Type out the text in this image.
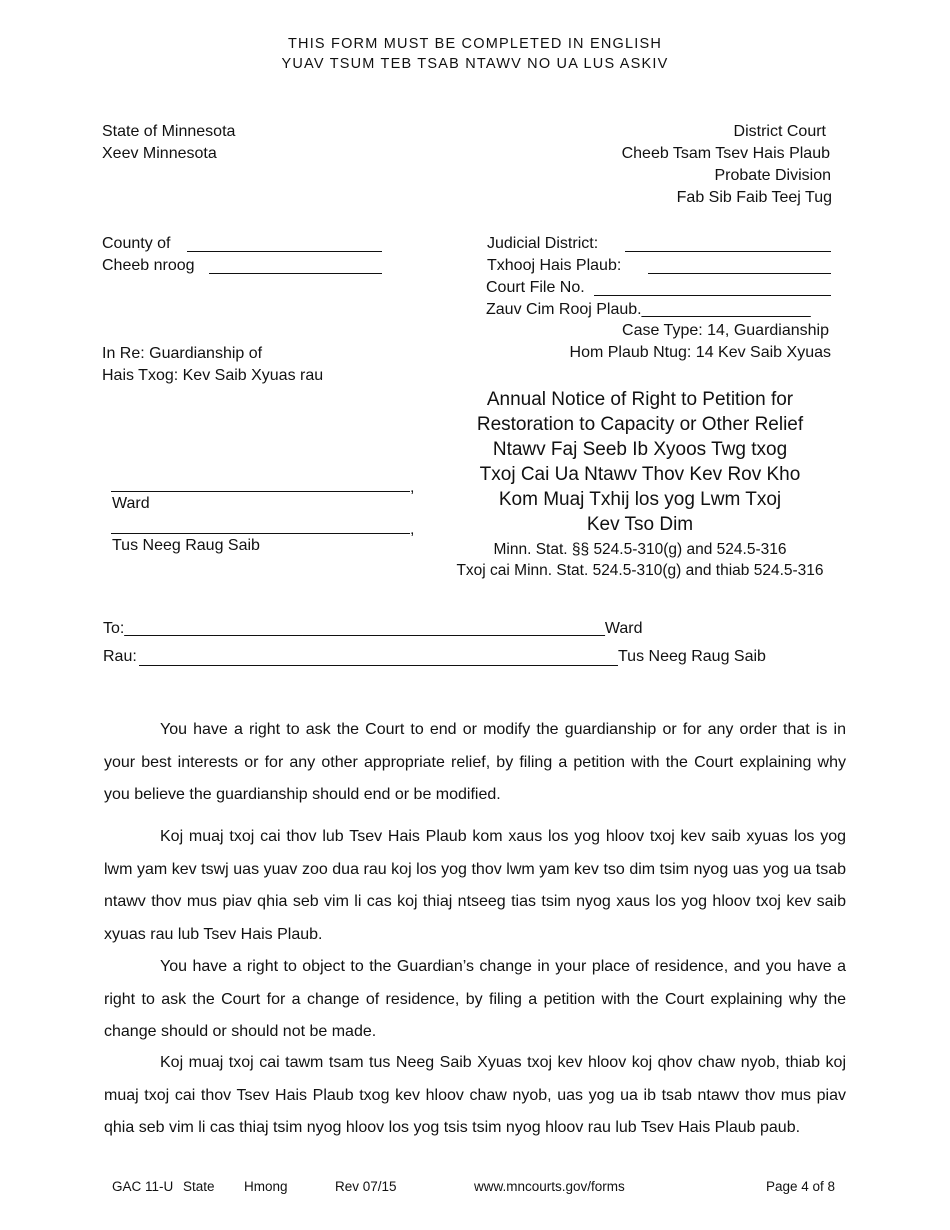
THIS FORM MUST BE COMPLETED IN ENGLISH
YUAV TSUM TEB TSAB NTAWV NO UA LUS ASKIV
State of Minnesota
Xeev Minnesota
District Court
Cheeb Tsam Tsev Hais Plaub
Probate Division
Fab Sib Faib Teej Tug
County of
Cheeb nroog
Judicial District:
Txhooj Hais Plaub:
Court File No.
Zauv Cim Rooj Plaub.___________________
Case Type: 14, Guardianship
Hom Plaub Ntug: 14 Kev Saib Xyuas
In Re: Guardianship of
Hais Txog: Kev Saib Xyuas rau
,
Ward
,
Tus Neeg Raug Saib
Annual Notice of Right to Petition for
Restoration to Capacity or Other Relief
Ntawv Faj Seeb Ib Xyoos Twg txog
Txoj Cai Ua Ntawv Thov Kev Rov Kho
Kom Muaj Txhij los yog Lwm Txoj
Kev Tso Dim
Minn. Stat. §§ 524.5-310(g) and 524.5-316
Txoj cai Minn. Stat. 524.5-310(g) and thiab 524.5-316
To:______________________________________________________Ward
Rau:	Tus Neeg Raug Saib

You have a right to ask the Court to end or modify the guardianship or for any order that is in your best interests or for any other appropriate relief, by filing a petition with the Court explaining why you believe the guardianship should end or be modified.

Koj muaj txoj cai thov lub Tsev Hais Plaub kom xaus los yog hloov txoj kev saib xyuas los yog lwm yam kev tswj uas yuav zoo dua rau koj los yog thov lwm yam kev tso dim tsim nyog uas yog ua tsab ntawv thov mus piav qhia seb vim li cas koj thiaj ntseeg tias tsim nyog xaus los yog hloov txoj kev saib xyuas rau lub Tsev Hais Plaub.

You have a right to object to the Guardian’s change in your place of residence, and you have a right to ask the Court for a change of residence, by filing a petition with the Court explaining why the change should or should not be made.

Koj muaj txoj cai tawm tsam tus Neeg Saib Xyuas txoj kev hloov koj qhov chaw nyob, thiab koj muaj txoj cai thov Tsev Hais Plaub txog kev hloov chaw nyob, uas yog ua ib tsab ntawv thov mus piav qhia seb vim li cas thiaj tsim nyog hloov los yog tsis tsim nyog hloov rau lub Tsev Hais Plaub paub.

GAC 11-U State Hmong	Rev 07/15	www.mncourts.gov/forms	Page 4 of 8
